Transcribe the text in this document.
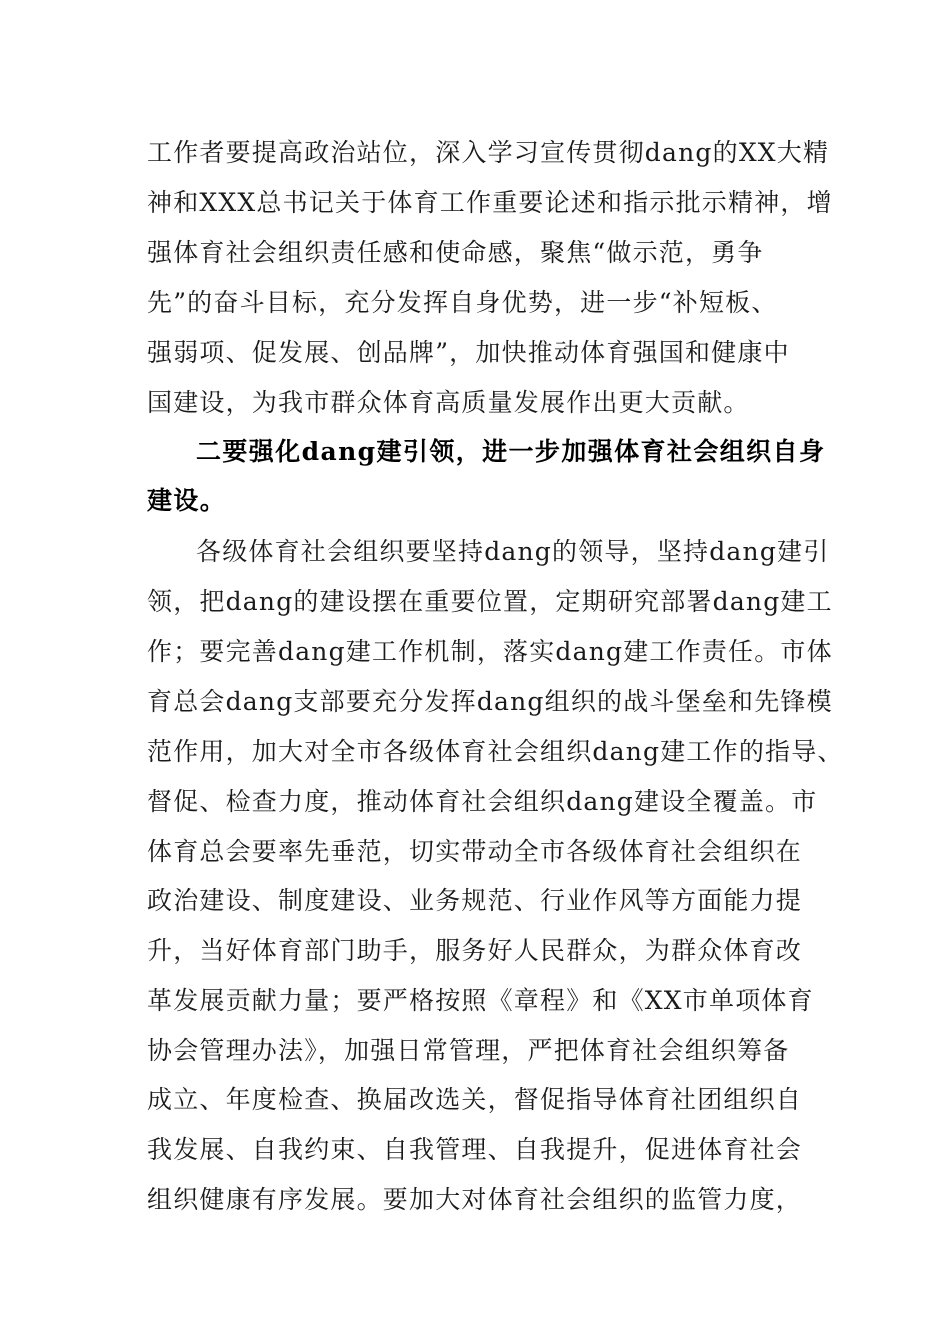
工作者要提高政治站位，深入学习宣传贯彻dang的XX大精
神和XXX总书记关于体育工作重要论述和指示批示精神，增
强体育社会组织责任感和使命感，聚焦“做示范，勇争
先”的奋斗目标，充分发挥自身优势，进一步“补短板、
强弱项、促发展、创品牌”，加快推动体育强国和健康中
国建设，为我市群众体育高质量发展作出更大贡献。
二要强化dang建引领，进一步加强体育社会组织自身
建设。
各级体育社会组织要坚持dang的领导，坚持dang建引
领，把dang的建设摆在重要位置，定期研究部署dang建工
作；要完善dang建工作机制，落实dang建工作责任。市体
育总会dang支部要充分发挥dang组织的战斗堡垒和先锋模
范作用，加大对全市各级体育社会组织dang建工作的指导、
督促、检查力度，推动体育社会组织dang建设全覆盖。市
体育总会要率先垂范，切实带动全市各级体育社会组织在
政治建设、制度建设、业务规范、行业作风等方面能力提
升，当好体育部门助手，服务好人民群众，为群众体育改
革发展贡献力量；要严格按照《章程》和《XX市单项体育
协会管理办法》，加强日常管理，严把体育社会组织筹备
成立、年度检查、换届改选关，督促指导体育社团组织自
我发展、自我约束、自我管理、自我提升，促进体育社会
组织健康有序发展。要加大对体育社会组织的监管力度，
